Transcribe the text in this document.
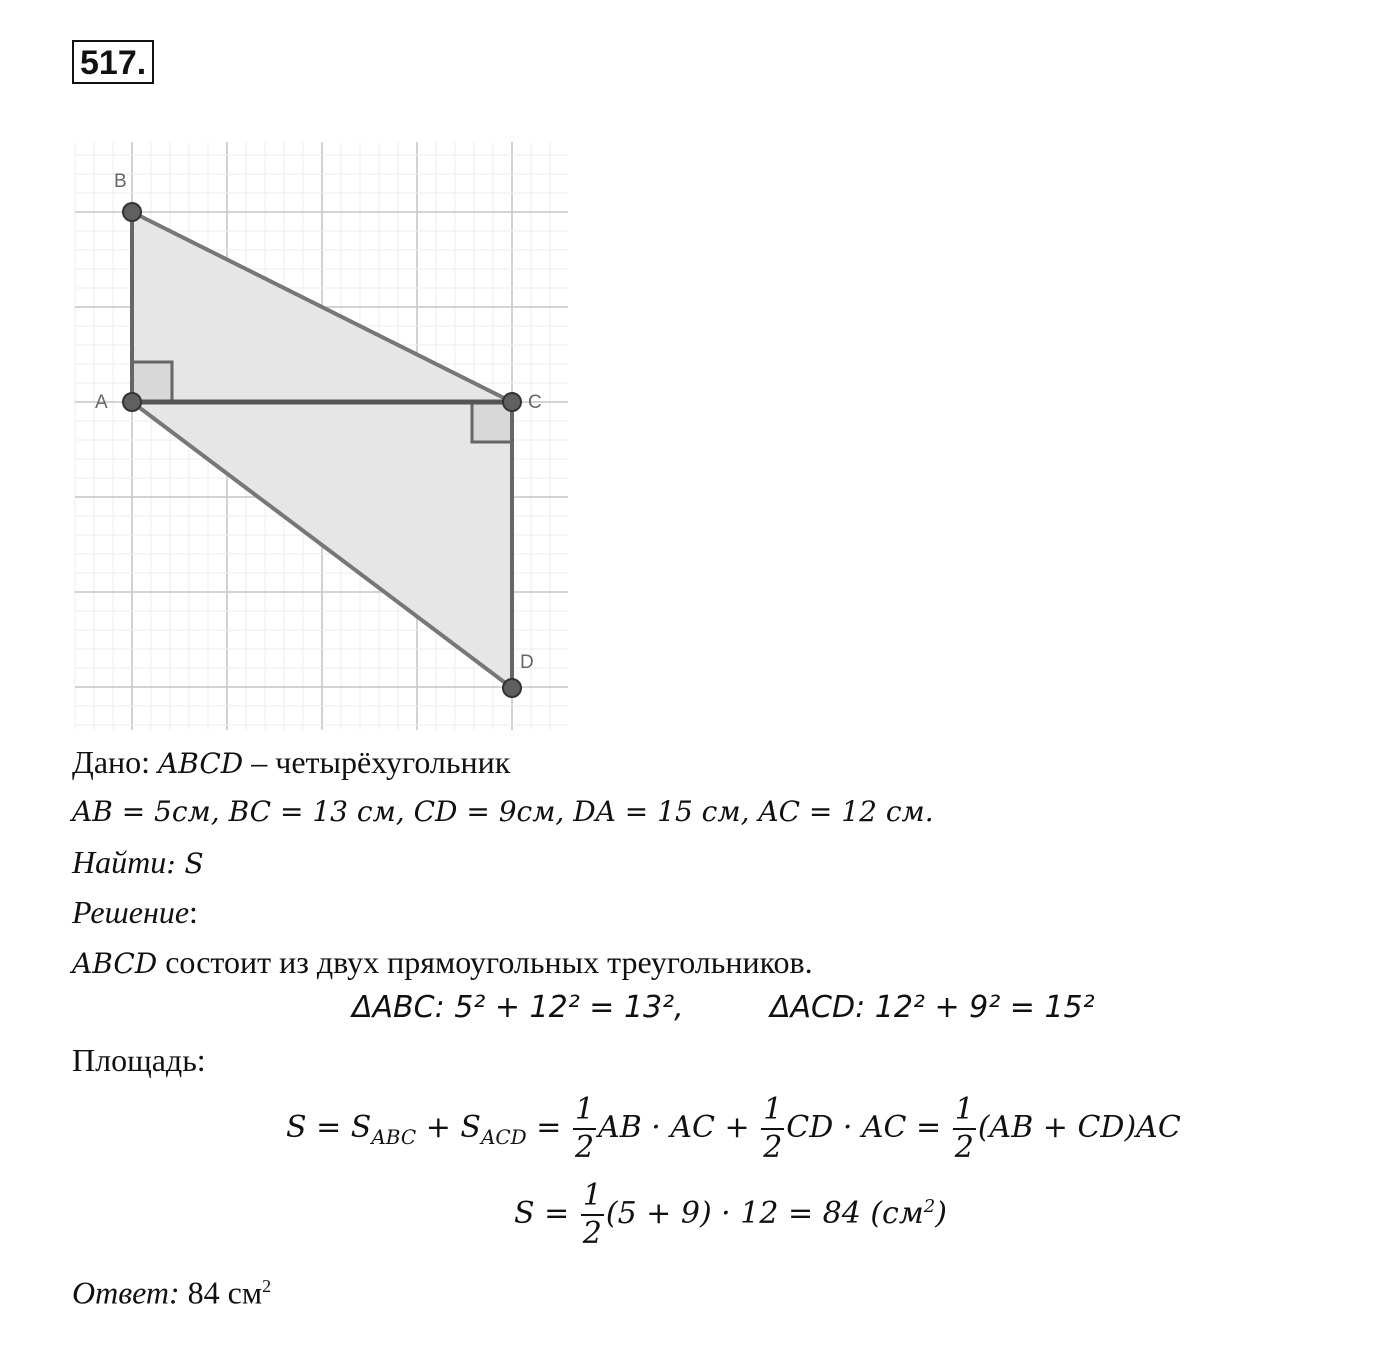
517.
B
A	C
D
Дано: ABCD – четырёхугольник
AB = 5см, BC = 13 см, CD = 9см, DA = 15 см, AC = 12 см.
Найти: S
Решение:
ABCD состоит из двух прямоугольных треугольников.
ΔABC: 5² + 12² = 13²,	ΔACD: 12² + 9² = 15²
Площадь:
$S = S_{ABC} + S_{ACD} = \frac{1}{2}$ AB · AC + $\frac{1}{2}$ CD · AC = $\frac{1}{2} (AB + CD)AC$
$S = \frac{1}{2} (5 + 9) \cdot 12 = 84$ $(см^2)$
Ответ: 84 $см^2$
